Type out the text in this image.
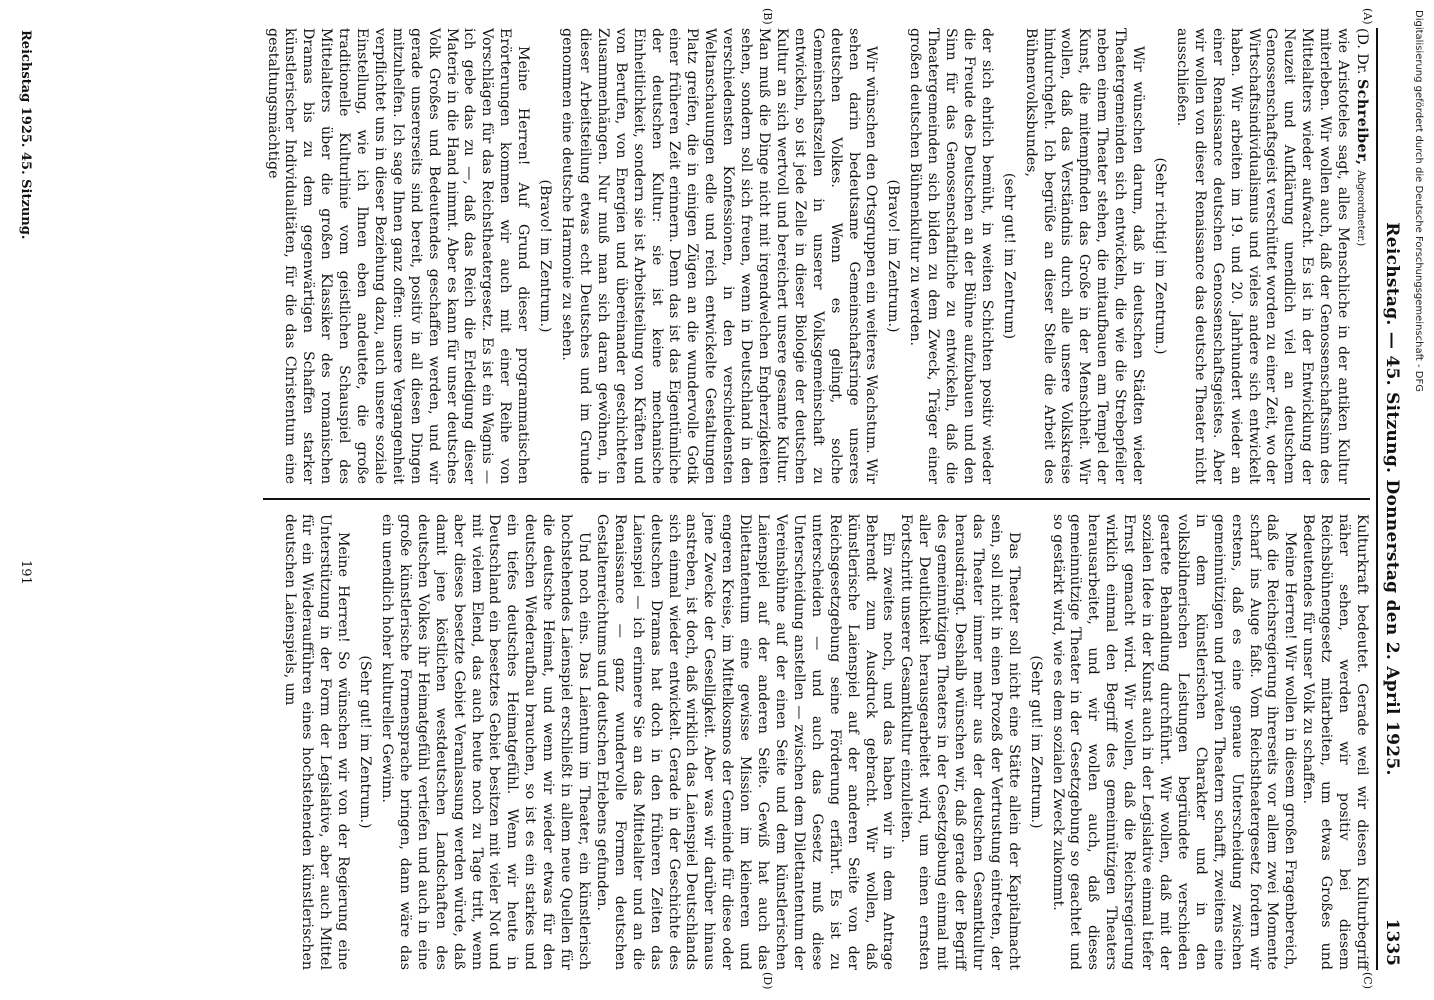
Reichstag. — 45. Sitzung. Donnerstag den 2. April 1925.
1335

(D. Dr. Schreiber, Abgeordneter.)

wie Aristoteles sagt, alles Menschliche in der antiken Kultur miterleben. Wir wollen auch, daß der Genossenschaftssinn des Mittelalters wieder aufwacht. Es ist in der Entwicklung der Neuzeit und Aufklärung unendlich viel an deutschem Genossenschaftsgeist verschüttet worden zu einer Zeit, wo der Wirtschaftsindividualismus und vieles andere sich entwickelt haben. Wir arbeiten im 19. und 20. Jahrhundert wieder an einer Renaissance deutschen Genossenschaftsgeistes. Aber wir wollen von dieser Renaissance das deutsche Theater nicht ausschließen.

(Sehr richtig! im Zentrum.)

Wir wünschen darum, daß in deutschen Städten wieder Theatergemeinden sich entwickeln, die wie die Strebepfeiler neben einem Theater stehen, die mitaufbauen am Tempel der Kunst, die mitempfinden das Große in der Menschheit. Wir wollen, daß das Verständnis durch alle unsere Volkskreise hindurchgeht. Ich begrüße an dieser Stelle die Arbeit des Bühnenvolksbundes,

(sehr gut! im Zentrum)

der sich ehrlich bemüht, in weiten Schichten positiv wieder die Freude des Deutschen an der Bühne aufzubauen und den Sinn für das Genossenschaftliche zu entwickeln, daß die Theatergemeinden sich bilden zu dem Zweck, Träger einer großen deutschen Bühnenkultur zu werden.

(Bravo! im Zentrum.)

Wir wünschen den Ortsgruppen ein weiteres Wachstum. Wir sehen darin bedeutsame Gemeinschaftsringe unseres deutschen Volkes. Wenn es gelingt, solche Gemeinschaftszellen in unserer Volksgemeinschaft zu entwickeln, so ist jede Zelle in dieser Biologie der deutschen Kultur an sich wertvoll und bereichert unsere gesamte Kultur. Man muß die Dinge nicht mit irgendwelchen Engherzigkeiten sehen, sondern soll sich freuen, wenn in Deutschland in den verschiedensten Konfessionen, in den verschiedensten Weltanschauungen edle und reich entwickelte Gestaltungen Platz greifen, die in einigen Zügen an die wundervolle Gotik einer früheren Zeit erinnern. Denn das ist das Eigentümliche der deutschen Kultur: sie ist keine mechanische Einheitlichkeit, sondern sie ist Arbeitsteilung von Kräften und von Berufen, von Energien und übereinander geschichteten Zusammenhängen. Nur muß man sich daran gewöhnen, in dieser Arbeitsteilung etwas echt Deutsches und im Grunde genommen eine deutsche Harmonie zu sehen.

(Bravo! im Zentrum.)

Meine Herren! Auf Grund dieser programmatischen Erörterungen kommen wir auch mit einer Reihe von Vorschlägen für das Reichstheatergesetz. Es ist ein Wagnis — ich gebe das zu —, daß das Reich die Erledigung dieser Materie in die Hand nimmt. Aber es kann für unser deutsches Volk Großes und Bedeutendes geschaffen werden, und wir gerade unsererseits sind bereit, positiv in all diesen Dingen mitzuhelfen. Ich sage Ihnen ganz offen: unsere Vergangenheit verpflichtet uns in dieser Beziehung dazu, auch unsere soziale Einstellung, wie ich Ihnen eben andeutete, die große traditionelle Kulturlinie vom geistlichen Schauspiel des Mittelalters über die großen Klassiker des romanischen Dramas bis zu dem gegenwärtigen Schaffen starker künstlerischer Individualitäten, für die das Christentum eine gestaltungsmächtige

Kulturkraft bedeutet. Gerade weil wir diesen Kulturbegriff näher sehen, werden wir positiv bei diesem Reichsbühnengesetz mitarbeiten, um etwas Großes und Bedeutendes für unser Volk zu schaffen.

Meine Herren! Wir wollen in diesem großen Fragenbereich, daß die Reichsregierung ihrerseits vor allem zwei Momente scharf ins Auge faßt. Vom Reichstheatergesetz fordern wir erstens, daß es eine genaue Unterscheidung zwischen gemeinnützigen und privaten Theatern schafft, zweitens eine in dem künstlerischen Charakter und in den volksbildnerischen Leistungen begründete verschieden geartete Behandlung durchführt. Wir wollen, daß mit der sozialen Idee in der Kunst auch in der Legislative einmal tiefer Ernst gemacht wird. Wir wollen, daß die Reichsregierung wirklich einmal den Begriff des gemeinnützigen Theaters herausarbeitet, und wir wollen auch, daß dieses gemeinnützige Theater in der Gesetzgebung so geachtet und so gestärkt wird, wie es dem sozialen Zweck zukommt.

(Sehr gut! im Zentrum.)

Das Theater soll nicht eine Stätte allein der Kapitalmacht sein, soll nicht in einen Prozeß der Vertrustung eintreten, der das Theater immer mehr aus der deutschen Gesamtkultur herausdrängt. Deshalb wünschen wir, daß gerade der Begriff des gemeinnützigen Theaters in der Gesetzgebung einmal mit aller Deutlichkeit herausgearbeitet wird, um einen ernsten Fortschritt unserer Gesamtkultur einzuleiten.

Ein zweites noch, und das haben wir in dem Antrage Behrendt zum Ausdruck gebracht. Wir wollen, daß künstlerische Laienspiel auf der anderen Seite von der Reichsgesetzgebung seine Förderung erfährt. Es ist zu unterscheiden — und auch das Gesetz muß diese Unterscheidung anstellen — zwischen dem Dilettantentum der Vereinsbühne auf der einen Seite und dem künstlerischen Laienspiel auf der anderen Seite. Gewiß hat auch das Dilettantentum eine gewisse Mission im kleineren und engeren Kreise, im Mittelkosmos der Gemeinde für diese oder jene Zwecke der Geselligkeit. Aber was wir darüber hinaus anstreben, ist doch, daß wirklich das Laienspiel Deutschlands sich einmal wieder entwickelt. Gerade in der Geschichte des deutschen Dramas hat doch in den früheren Zeiten das Laienspiel — ich erinnere Sie an das Mittelalter und an die Renaissance — ganz wundervolle Formen deutschen Gestaltenreichtums und deutschen Erlebens gefunden.

Und noch eins. Das Laientum im Theater, ein künstlerisch hochstehendes Laienspiel erschließt in allem neue Quellen für die deutsche Heimat, und wenn wir wieder etwas für den deutschen Wiederaufbau brauchen, so ist es ein starkes und ein tiefes deutsches Heimatgefühl. Wenn wir heute in Deutschland ein besetztes Gebiet besitzen mit vieler Not und mit vielem Elend, das auch heute noch zu Tage tritt, wenn aber dieses besetzte Gebiet Veranlassung werden würde, daß damit jene köstlichen westdeutschen Landschaften des deutschen Volkes ihr Heimatgefühl vertiefen und auch in eine große künstlerische Formensprache bringen, dann wäre das ein unendlich hoher kultureller Gewinn.

(Sehr gut! im Zentrum.)

Meine Herren! So wünschen wir von der Regierung eine Unterstützung in der Form der Legislative, aber auch Mittel für ein Wiederaufführen eines hochstehenden künstlerischen deutschen Laienspiels, um

(A)
(B)
(C)
(D)
Reichstag 1925. 45. Sitzung.
191
Digitalisierung gefördert durch die Deutsche Forschungsgemeinschaft - DFG
